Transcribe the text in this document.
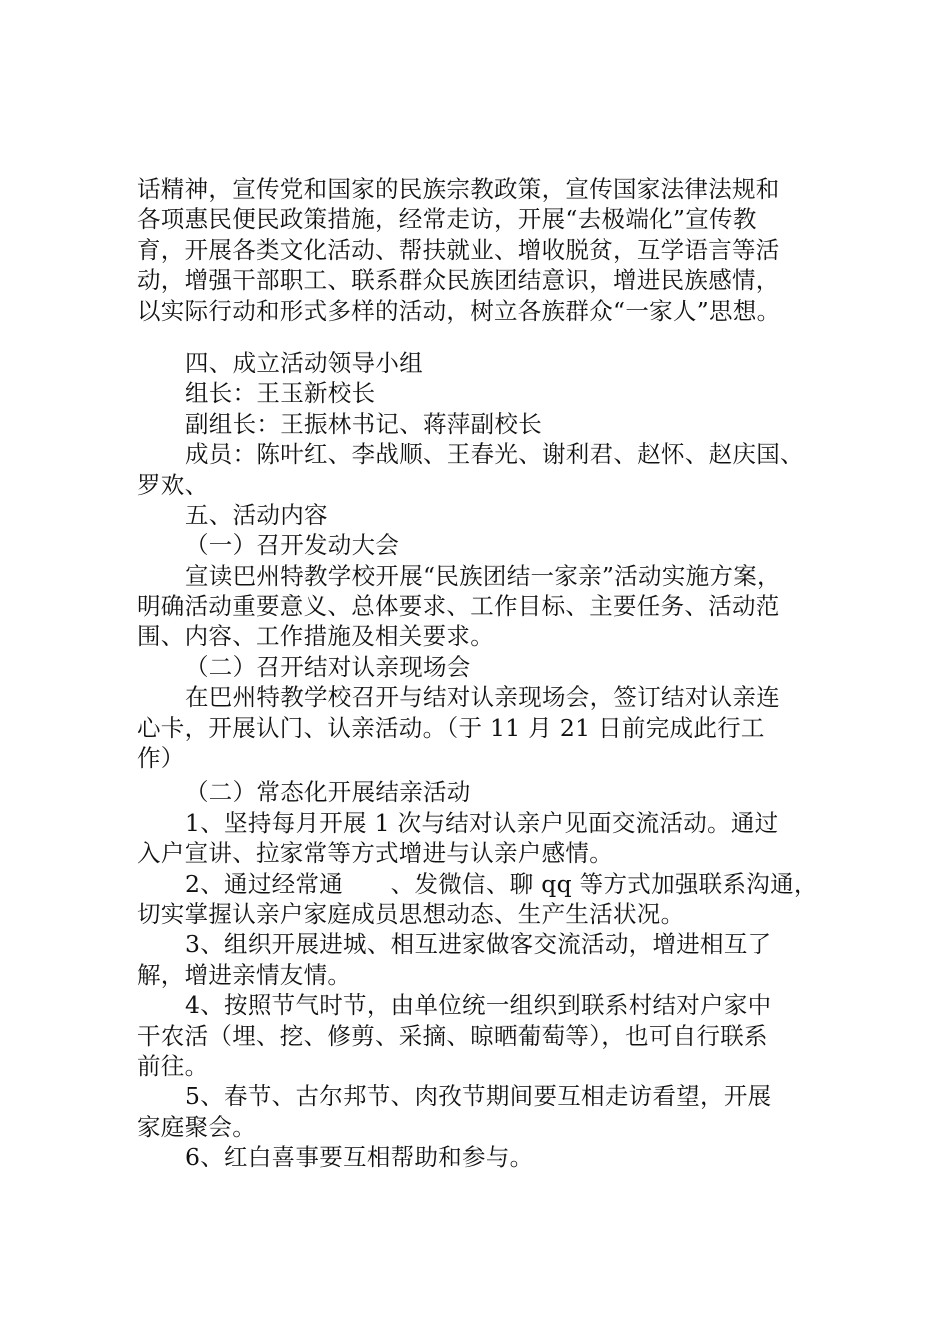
话精神，宣传党和国家的民族宗教政策，宣传国家法律法规和
各项惠民便民政策措施，经常走访，开展“去极端化”宣传教
育，开展各类文化活动、帮扶就业、增收脱贫，互学语言等活
动，增强干部职工、联系群众民族团结意识，增进民族感情，
以实际行动和形式多样的活动，树立各族群众“一家人”思想。
四、成立活动领导小组
组长：王玉新校长
副组长：王振林书记、蒋萍副校长
成员：陈叶红、李战顺、王春光、谢利君、赵怀、赵庆国、
罗欢、
五、活动内容
（一）召开发动大会
宣读巴州特教学校开展“民族团结一家亲”活动实施方案，
明确活动重要意义、总体要求、工作目标、主要任务、活动范
围、内容、工作措施及相关要求。
（二）召开结对认亲现场会
在巴州特教学校召开与结对认亲现场会，签订结对认亲连
心卡，开展认门、认亲活动。（于 11 月 21 日前完成此行工
作）
（二）常态化开展结亲活动
1、坚持每月开展 1 次与结对认亲户见面交流活动。通过
入户宣讲、拉家常等方式增进与认亲户感情。
2、通过经常通　　、发微信、聊 qq 等方式加强联系沟通，
切实掌握认亲户家庭成员思想动态、生产生活状况。
3、组织开展进城、相互进家做客交流活动，增进相互了
解，增进亲情友情。
4、按照节气时节，由单位统一组织到联系村结对户家中
干农活（埋、挖、修剪、采摘、晾晒葡萄等），也可自行联系
前往。
5、春节、古尔邦节、肉孜节期间要互相走访看望，开展
家庭聚会。
6、红白喜事要互相帮助和参与。
